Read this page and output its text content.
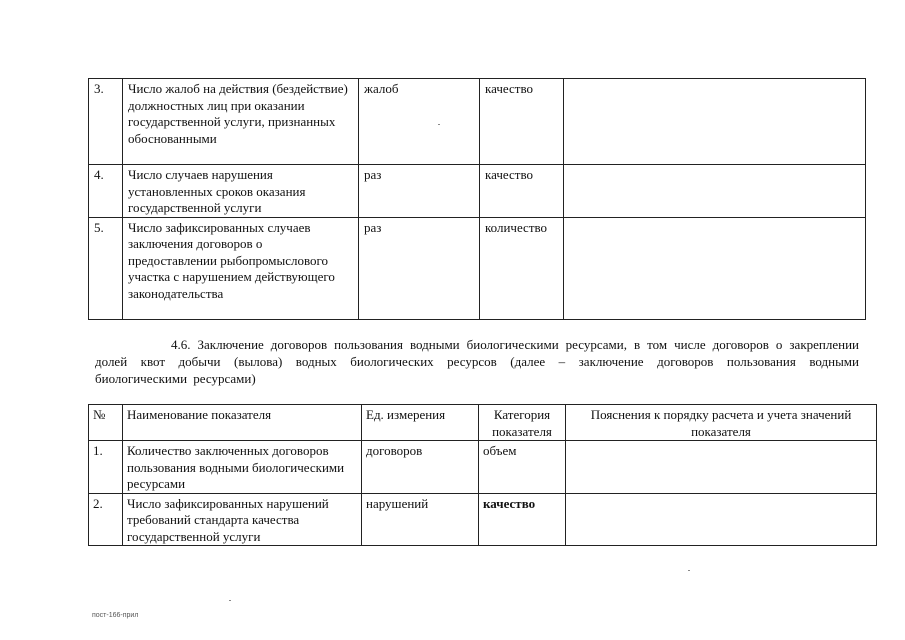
3.	Число жалоб на действия (бездействие) должностных лиц при оказании государственной услуги, признанных обоснованными	жалоб	качество	
4.	Число случаев нарушения установленных сроков оказания государственной услуги	раз	качество	
5.	Число зафиксированных случаев заключения договоров о предоставлении рыбопромыслового участка с нарушением действующего законодательства	раз	количество	

4.6. Заключение договоров пользования водными биологическими ресурсами, в том числе договоров о закреплении долей квот добычи (вылова) водных биологических ресурсов (далее – заключение договоров пользования водными биологическими ресурсами)

№	Наименование показателя	Ед. измерения	Категория показателя	Пояснения к порядку расчета и учета значений показателя
1.	Количество заключенных договоров пользования водными биологическими ресурсами	договоров	объем	
2.	Число зафиксированных нарушений требований стандарта качества государственной услуги	нарушений	качество	
пост-166-прил
